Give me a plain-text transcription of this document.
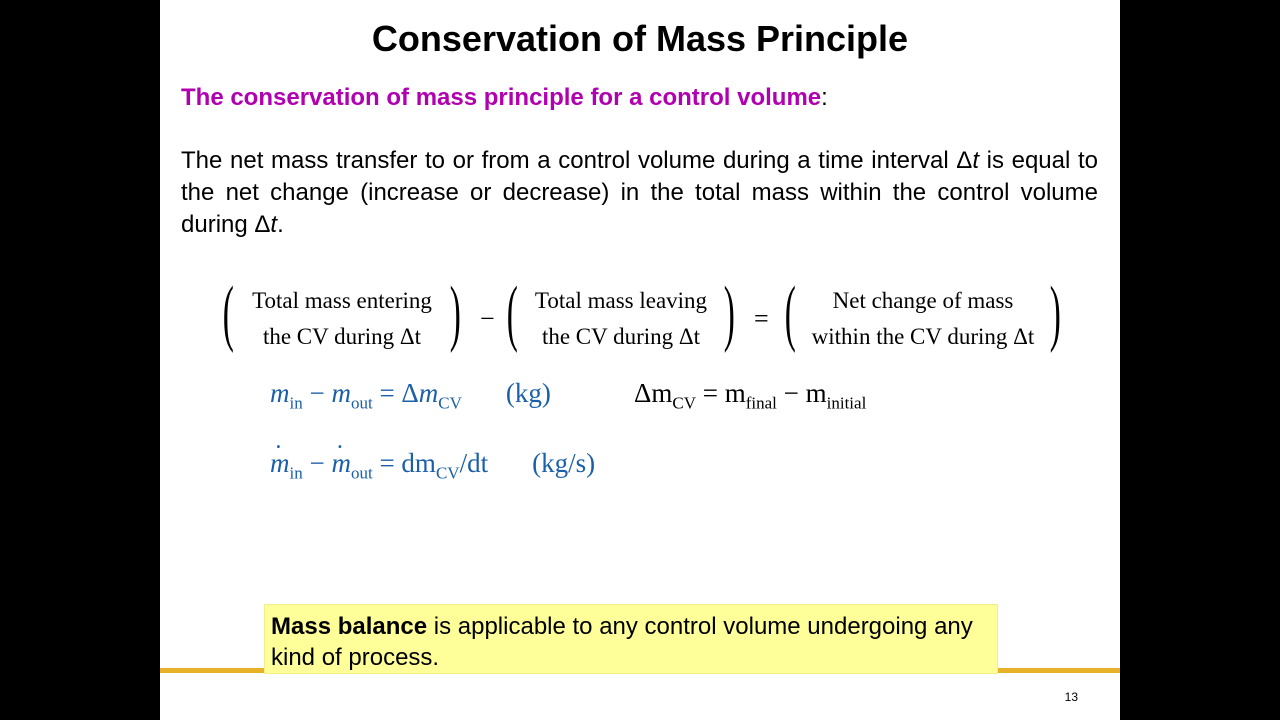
Conservation of Mass Principle
The conservation of mass principle for a control volume:
The net mass transfer to or from a control volume during a time interval Δt is equal to the net change (increase or decrease) in the total mass within the control volume during Δt.
(	)
Total mass entering
the CV during Δt
− (	)
Total mass leaving
the CV during Δt
= (	)
Net change of mass
within the CV during Δt
$m_{in} - m_{out} = \Delta m_{CV}$ (kg)	$\Delta m_{CV} = m_{final} - m_{initial}$
. $m_{in}$ − . $m_{out} = dm_{CV}/dt$ (kg/s)
Mass balance is applicable to any control volume undergoing any kind of process.
13
